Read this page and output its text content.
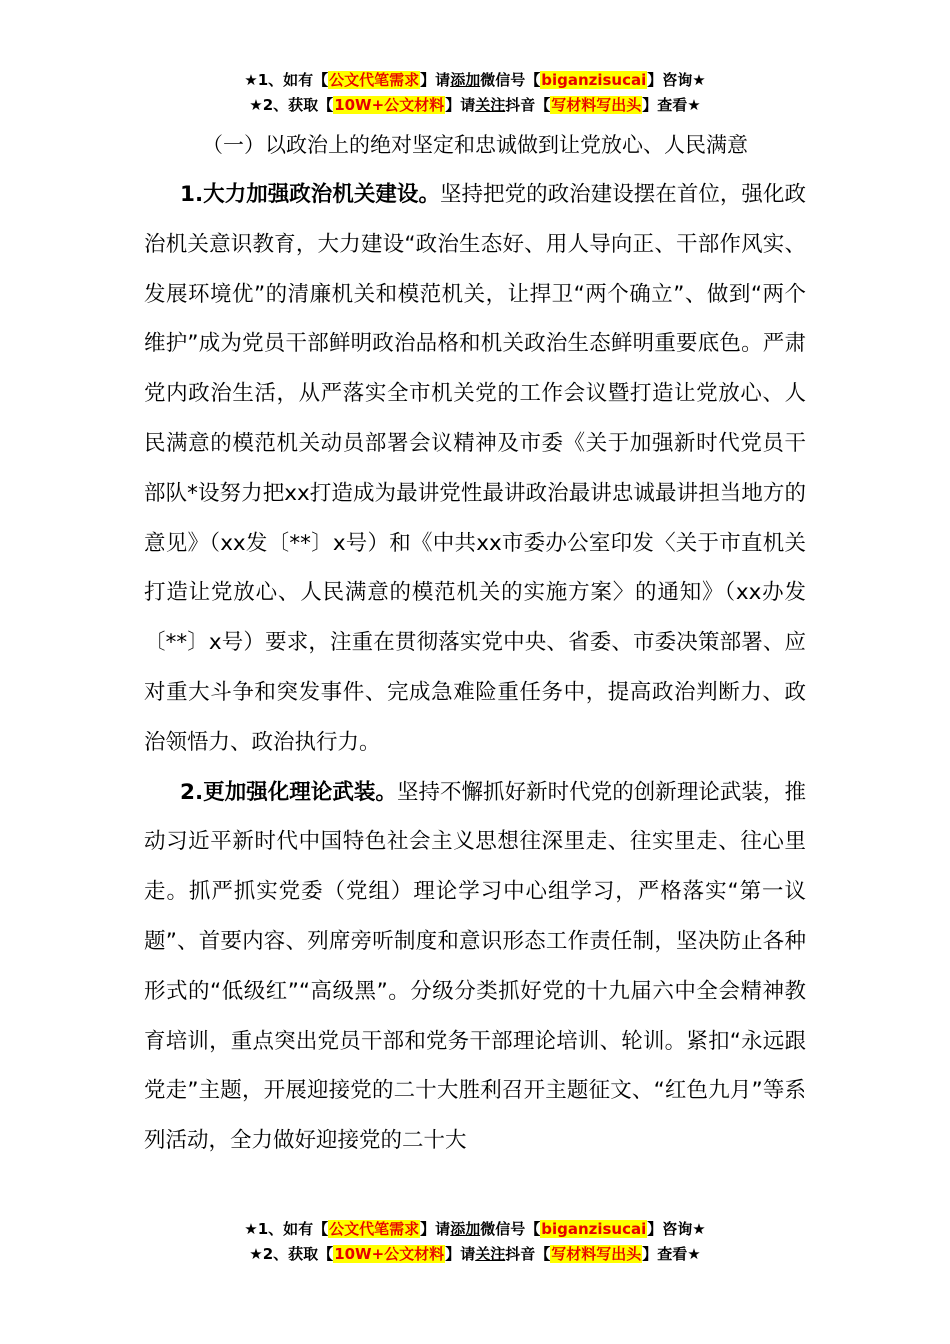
★1、如有【公文代笔需求】请添加微信号【biganzisucai】咨询★
★2、获取【10W+公文材料】请关注抖音【写材料写出头】查看★
（一）以政治上的绝对坚定和忠诚做到让党放心、人民满意

1.大力加强政治机关建设。坚持把党的政治建设摆在首位，强化政治机关意识教育，大力建设“政治生态好、用人导向正、干部作风实、发展环境优”的清廉机关和模范机关，让捍卫“两个确立”、做到“两个维护”成为党员干部鲜明政治品格和机关政治生态鲜明重要底色。严肃党内政治生活，从严落实全市机关党的工作会议暨打造让党放心、人民满意的模范机关动员部署会议精神及市委《关于加强新时代党员干部队*设努力把xx打造成为最讲党性最讲政治最讲忠诚最讲担当地方的意见》（xx发〔**〕x号）和《中共xx市委办公室印发〈关于市直机关打造让党放心、人民满意的模范机关的实施方案〉的通知》（xx办发〔**〕x号）要求，注重在贯彻落实党中央、省委、市委决策部署、应对重大斗争和突发事件、完成急难险重任务中，提高政治判断力、政治领悟力、政治执行力。

2.更加强化理论武装。坚持不懈抓好新时代党的创新理论武装，推动习近平新时代中国特色社会主义思想往深里走、往实里走、往心里走。抓严抓实党委（党组）理论学习中心组学习，严格落实“第一议题”、首要内容、列席旁听制度和意识形态工作责任制，坚决防止各种形式的“低级红”“高级黑”。分级分类抓好党的十九届六中全会精神教育培训，重点突出党员干部和党务干部理论培训、轮训。紧扣“永远跟党走”主题，开展迎接党的二十大胜利召开主题征文、“红色九月”等系列活动，全力做好迎接党的二十大

★1、如有【公文代笔需求】请添加微信号【biganzisucai】咨询★
★2、获取【10W+公文材料】请关注抖音【写材料写出头】查看★
